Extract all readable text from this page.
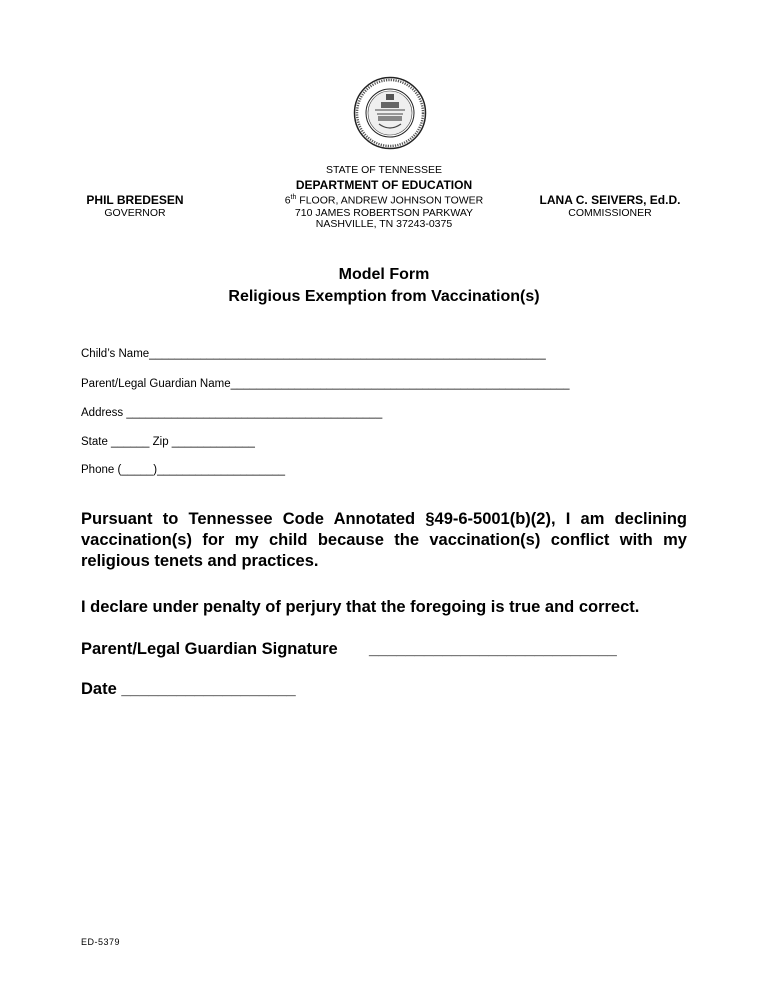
STATE OF TENNESSEE
DEPARTMENT OF EDUCATION
6th FLOOR, ANDREW JOHNSON TOWER
710 JAMES ROBERTSON PARKWAY
NASHVILLE, TN 37243-0375
PHIL BREDESEN
GOVERNOR
LANA C. SEIVERS, Ed.D.
COMMISSIONER
Model Form
Religious Exemption from Vaccination(s)
Child’s Name______________________________________________________________
Parent/Legal Guardian Name_____________________________________________________
Address ________________________________________
State ______ Zip _____________
Phone (_____)____________________
Pursuant to Tennessee Code Annotated §49-6-5001(b)(2), I am declining vaccination(s) for my child because the vaccination(s) conflict with my religious tenets and practices.
I declare under penalty of perjury that the foregoing is true and correct.
Parent/Legal Guardian Signature ___________________________
Date ___________________
ED-5379
